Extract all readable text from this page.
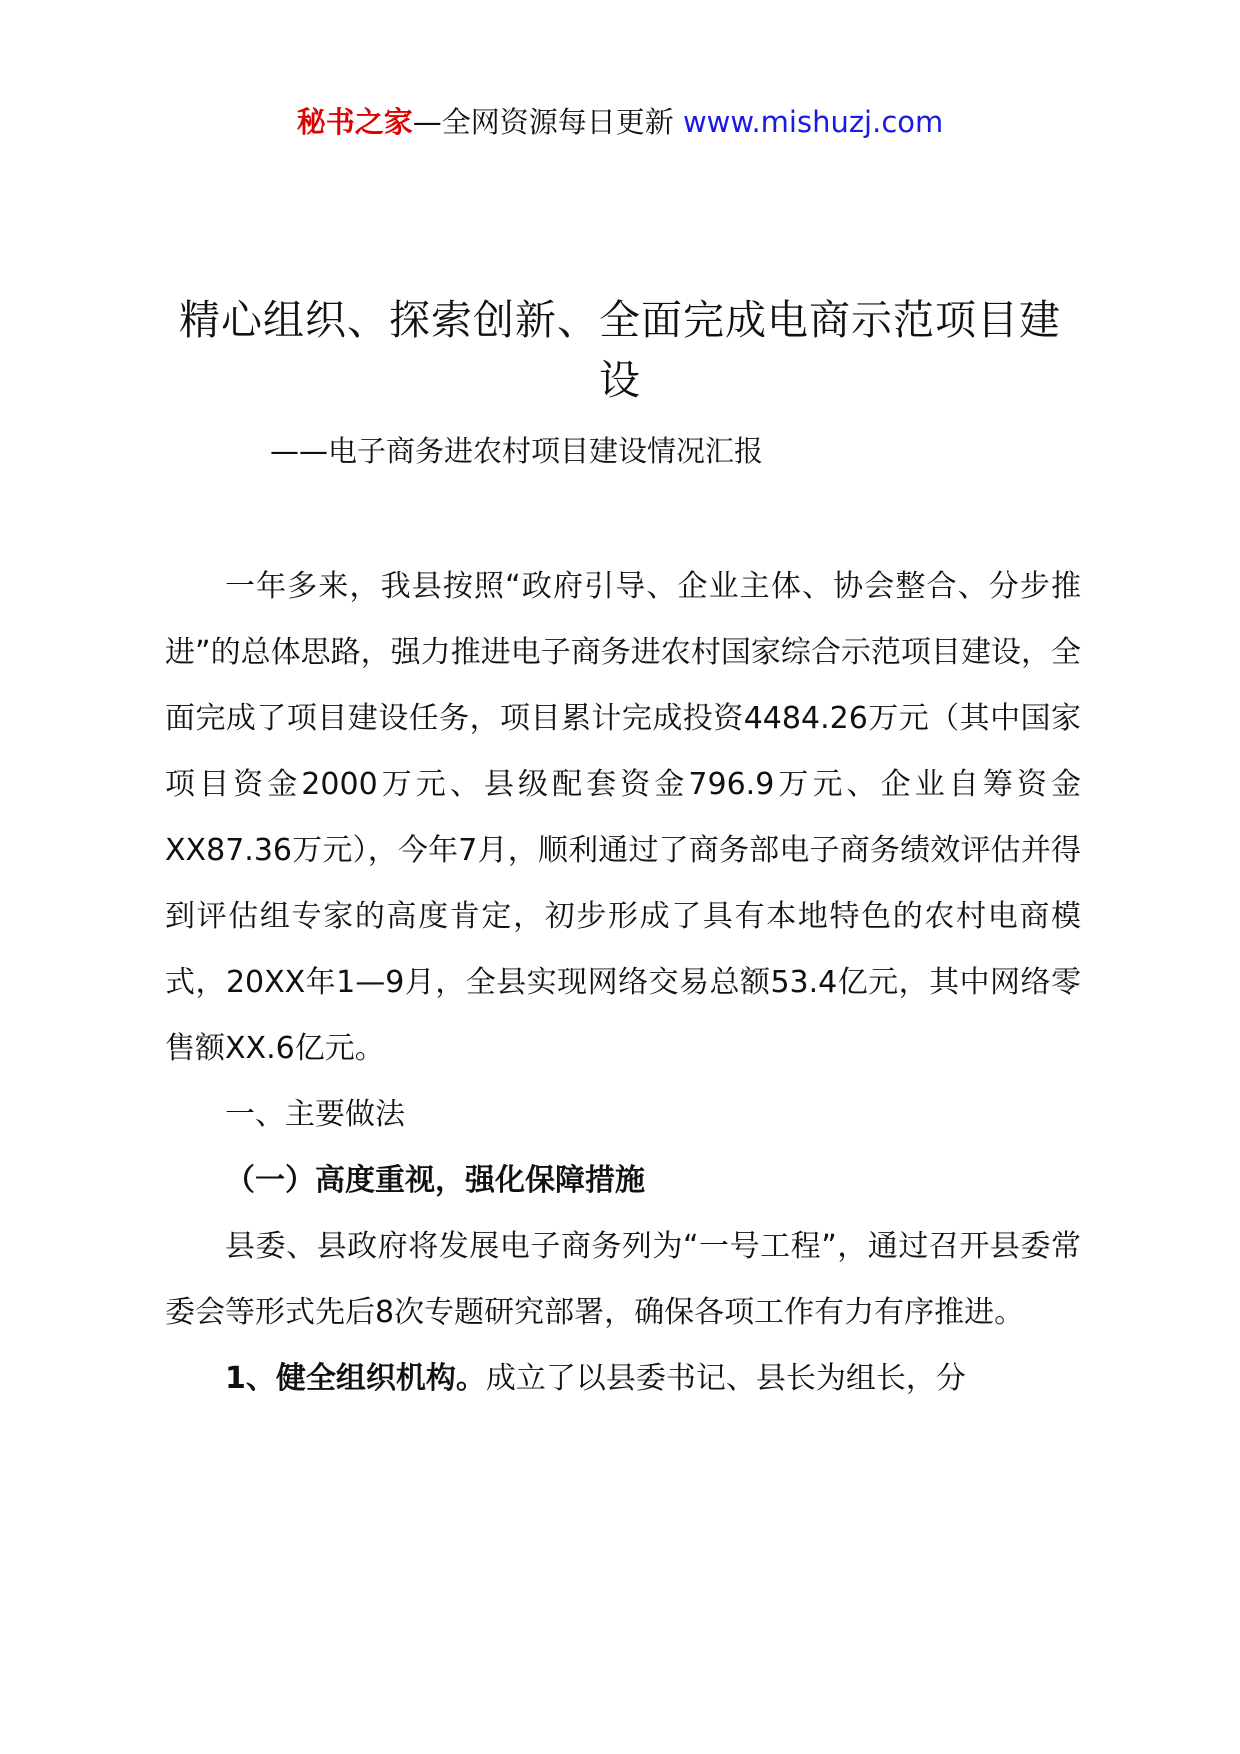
秘书之家—全网资源每日更新 www.mishuzj.com
精心组织、探索创新、全面完成电商示范项目建设
——电子商务进农村项目建设情况汇报

一年多来，我县按照“政府引导、企业主体、协会整合、分步推进”的总体思路，强力推进电子商务进农村国家综合示范项目建设，全面完成了项目建设任务，项目累计完成投资4484.26万元（其中国家项目资金2000万元、县级配套资金796.9万元、企业自筹资金XX87.36万元），今年7月，顺利通过了商务部电子商务绩效评估并得到评估组专家的高度肯定，初步形成了具有本地特色的农村电商模式，20XX年1—9月，全县实现网络交易总额53.4亿元，其中网络零售额XX.6亿元。

一、主要做法

（一）高度重视，强化保障措施

县委、县政府将发展电子商务列为“一号工程”，通过召开县委常委会等形式先后8次专题研究部署，确保各项工作有力有序推进。

1、健全组织机构。成立了以县委书记、县长为组长，分
